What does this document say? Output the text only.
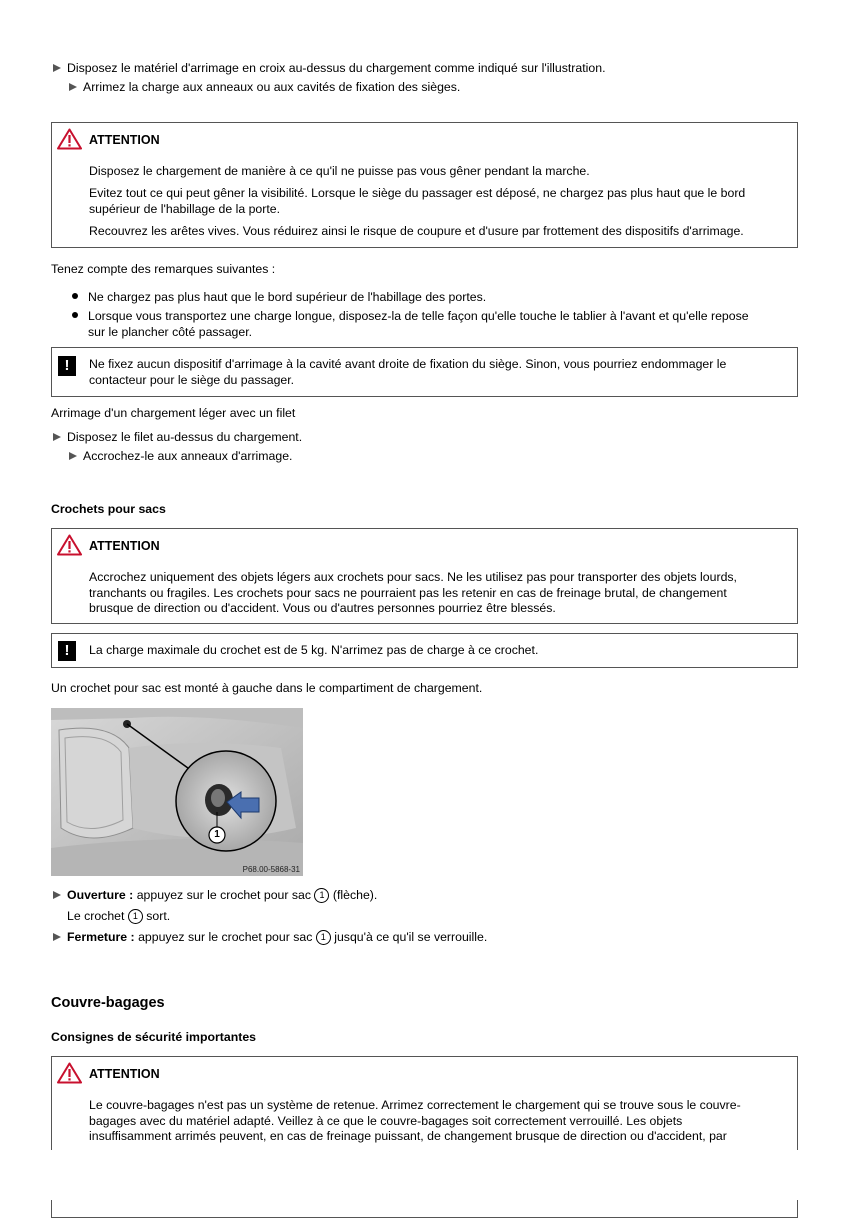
Disposez le matériel d'arrimage en croix au-dessus du chargement comme indiqué sur l'illustration.
Arrimez la charge aux anneaux ou aux cavités de fixation des sièges.
ATTENTION
Disposez le chargement de manière à ce qu'il ne puisse pas vous gêner pendant la marche.
Evitez tout ce qui peut gêner la visibilité. Lorsque le siège du passager est déposé, ne chargez pas plus haut que le bord
supérieur de l'habillage de la porte.
Recouvrez les arêtes vives. Vous réduirez ainsi le risque de coupure et d'usure par frottement des dispositifs d'arrimage.
Tenez compte des remarques suivantes :
Ne chargez pas plus haut que le bord supérieur de l'habillage des portes.
Lorsque vous transportez une charge longue, disposez-la de telle façon qu'elle touche le tablier à l'avant et qu'elle repose
sur le plancher côté passager.
!	Ne fixez aucun dispositif d'arrimage à la cavité avant droite de fixation du siège. Sinon, vous pourriez endommager le
contacteur pour le siège du passager.
Arrimage d'un chargement léger avec un filet
Disposez le filet au-dessus du chargement.
Accrochez-le aux anneaux d'arrimage.
Crochets pour sacs
ATTENTION
Accrochez uniquement des objets légers aux crochets pour sacs. Ne les utilisez pas pour transporter des objets lourds,
tranchants ou fragiles. Les crochets pour sacs ne pourraient pas les retenir en cas de freinage brutal, de changement
brusque de direction ou d'accident. Vous ou d'autres personnes pourriez être blessés.
!	La charge maximale du crochet est de 5 kg. N'arrimez pas de charge à ce crochet.
Un crochet pour sac est monté à gauche dans le compartiment de chargement.
1
P68.00-5868-31
Ouverture : appuyez sur le crochet pour sac 1 (flèche).
Le crochet 1 sort.
Fermeture : appuyez sur le crochet pour sac 1 jusqu'à ce qu'il se verrouille.
Couvre-bagages
Consignes de sécurité importantes
ATTENTION
Le couvre-bagages n'est pas un système de retenue. Arrimez correctement le chargement qui se trouve sous le couvre-
bagages avec du matériel adapté. Veillez à ce que le couvre-bagages soit correctement verrouillé. Les objets
insuffisamment arrimés peuvent, en cas de freinage puissant, de changement brusque de direction ou d'accident, par
